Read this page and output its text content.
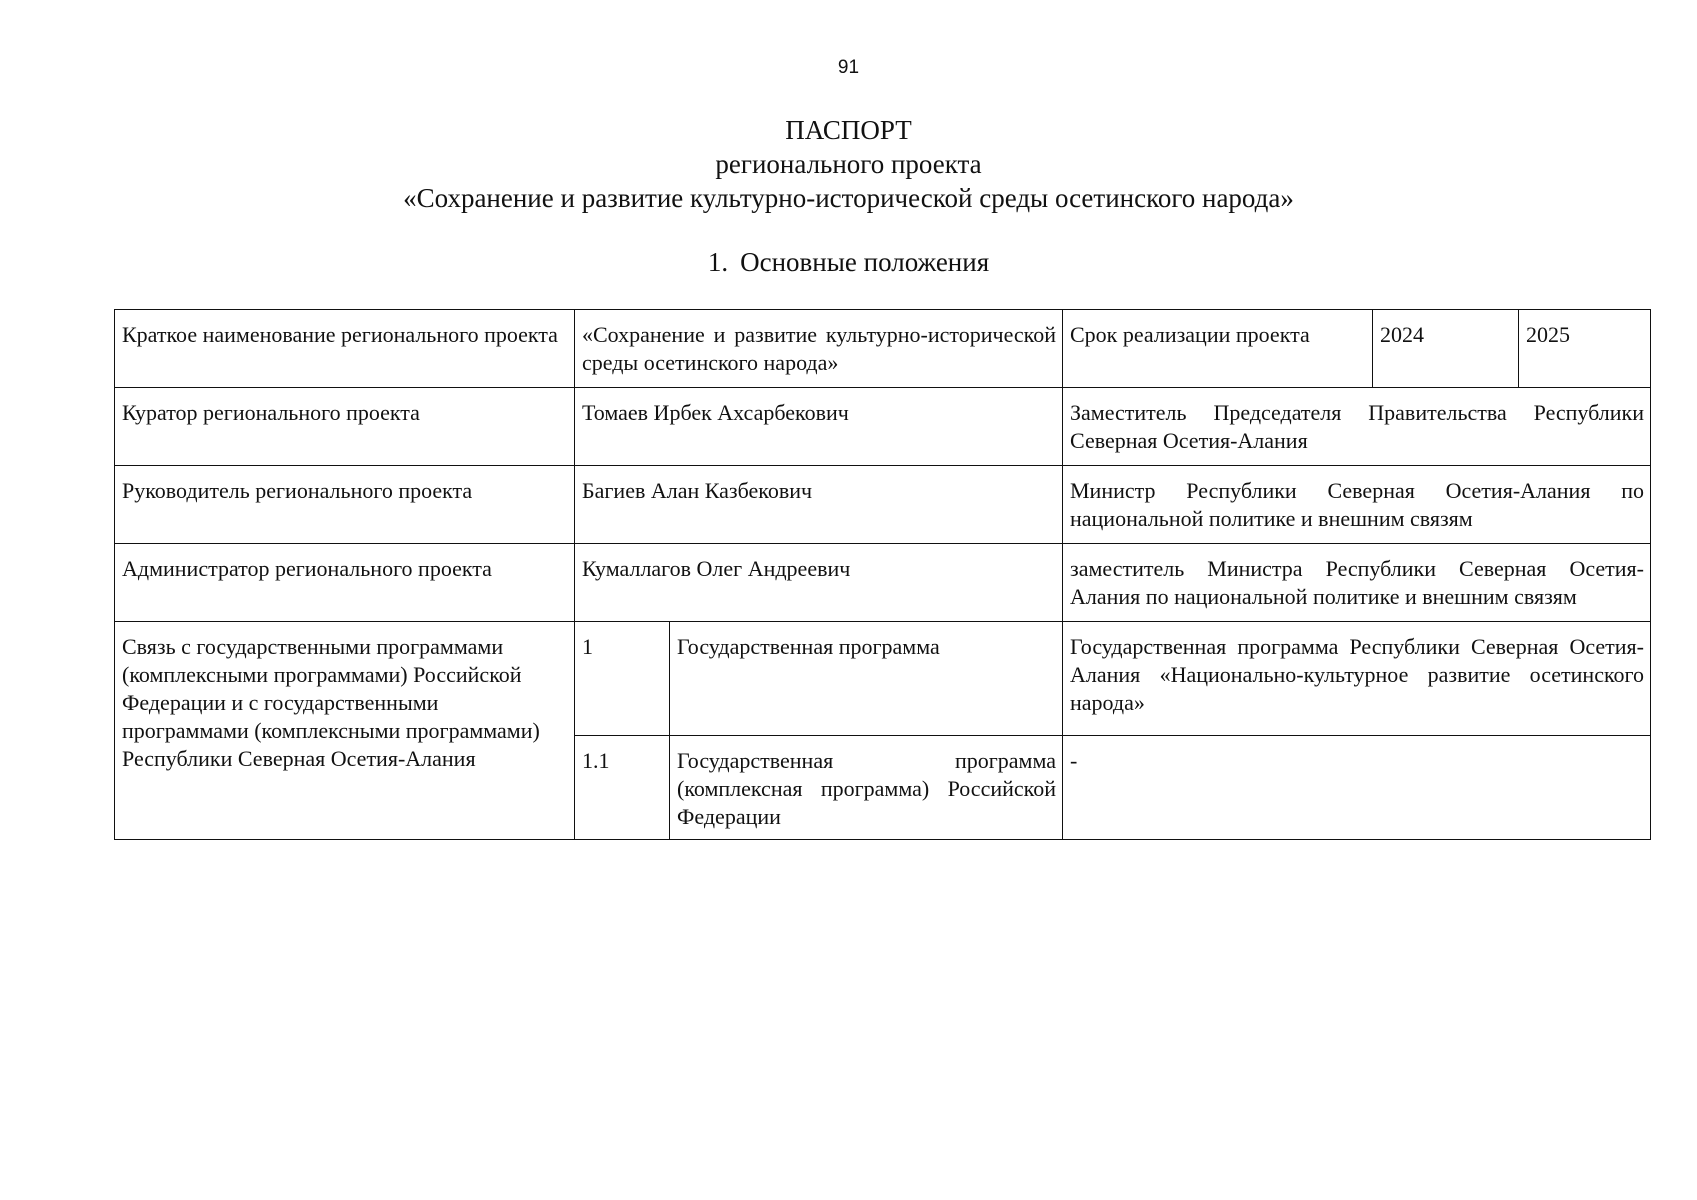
91
ПАСПОРТ
регионального проекта
«Сохранение и развитие культурно-исторической среды осетинского народа»
1. Основные положения
Краткое наименование регионального проекта	«Сохранение и развитие культурно-исторической среды осетинского народа»		Срок реализации проекта	2024	2025
Куратор регионального проекта	Томаев Ирбек Ахсарбекович		Заместитель Председателя Правительства Республики Северная Осетия-Алания		
Руководитель регионального проекта	Багиев Алан Казбекович		Министр Республики Северная Осетия-Алания по национальной политике и внешним связям		
Администратор регионального проекта	Кумаллагов Олег Андреевич		заместитель Министра Республики Северная Осетия-Алания по национальной политике и внешним связям		
Связь с государственными программами (комплексными программами) Российской Федерации и с государственными программами (комплексными программами) Республики Северная Осетия-Алания	1	Государственная программа	Государственная программа Республики Северная Осетия-Алания «Национально-культурное развитие осетинского народа»		
	1.1	Государственная программа (комплексная программа) Российской Федерации	-		
